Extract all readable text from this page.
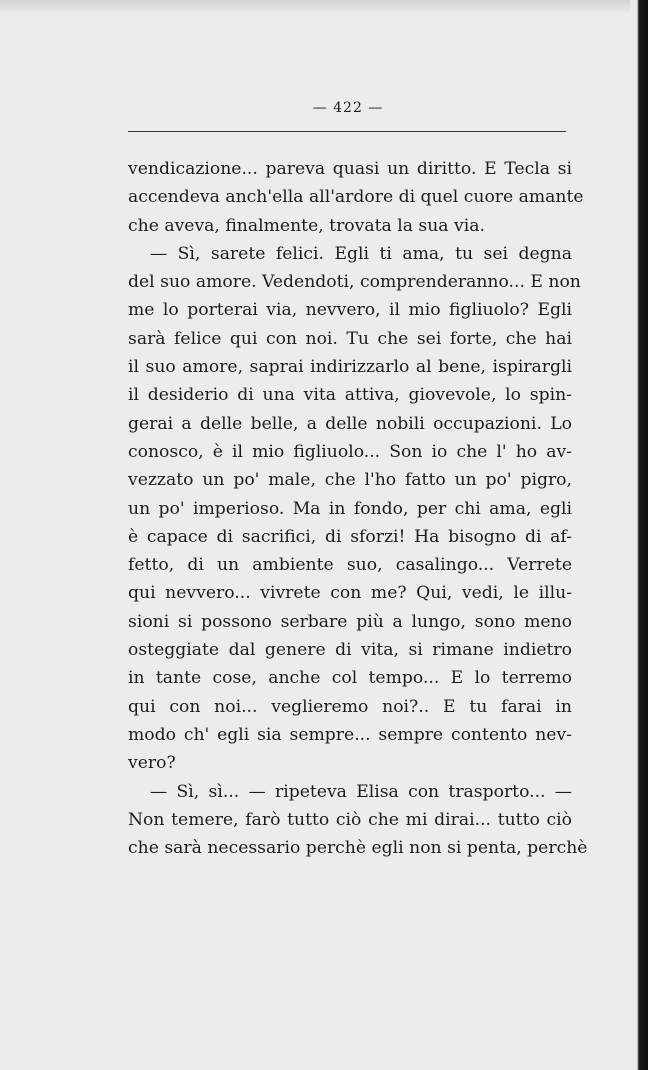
— 422 —
vendicazione... pareva quasi un diritto. E Tecla si
accendeva anch'ella all'ardore di quel cuore amante
che aveva, finalmente, trovata la sua via.
— Sì, sarete felici. Egli ti ama, tu sei degna
del suo amore. Vedendoti, comprenderanno... E non
me lo porterai via, nevvero, il mio figliuolo? Egli
sarà felice qui con noi. Tu che sei forte, che hai
il suo amore, saprai indirizzarlo al bene, ispirargli
il desiderio di una vita attiva, giovevole, lo spin-
gerai a delle belle, a delle nobili occupazioni. Lo
conosco, è il mio figliuolo... Son io che l' ho av-
vezzato un po' male, che l'ho fatto un po' pigro,
un po' imperioso. Ma in fondo, per chi ama, egli
è capace di sacrifici, di sforzi! Ha bisogno di af-
fetto, di un ambiente suo, casalingo... Verrete
qui nevvero... vivrete con me? Qui, vedi, le illu-
sioni si possono serbare più a lungo, sono meno
osteggiate dal genere di vita, si rimane indietro
in tante cose, anche col tempo... E lo terremo
qui con noi... veglieremo noi?.. E tu farai in
modo ch' egli sia sempre... sempre contento nev-
vero?
— Sì, sì... — ripeteva Elisa con trasporto... —
Non temere, farò tutto ciò che mi dirai... tutto ciò
che sarà necessario perchè egli non si penta, perchè
